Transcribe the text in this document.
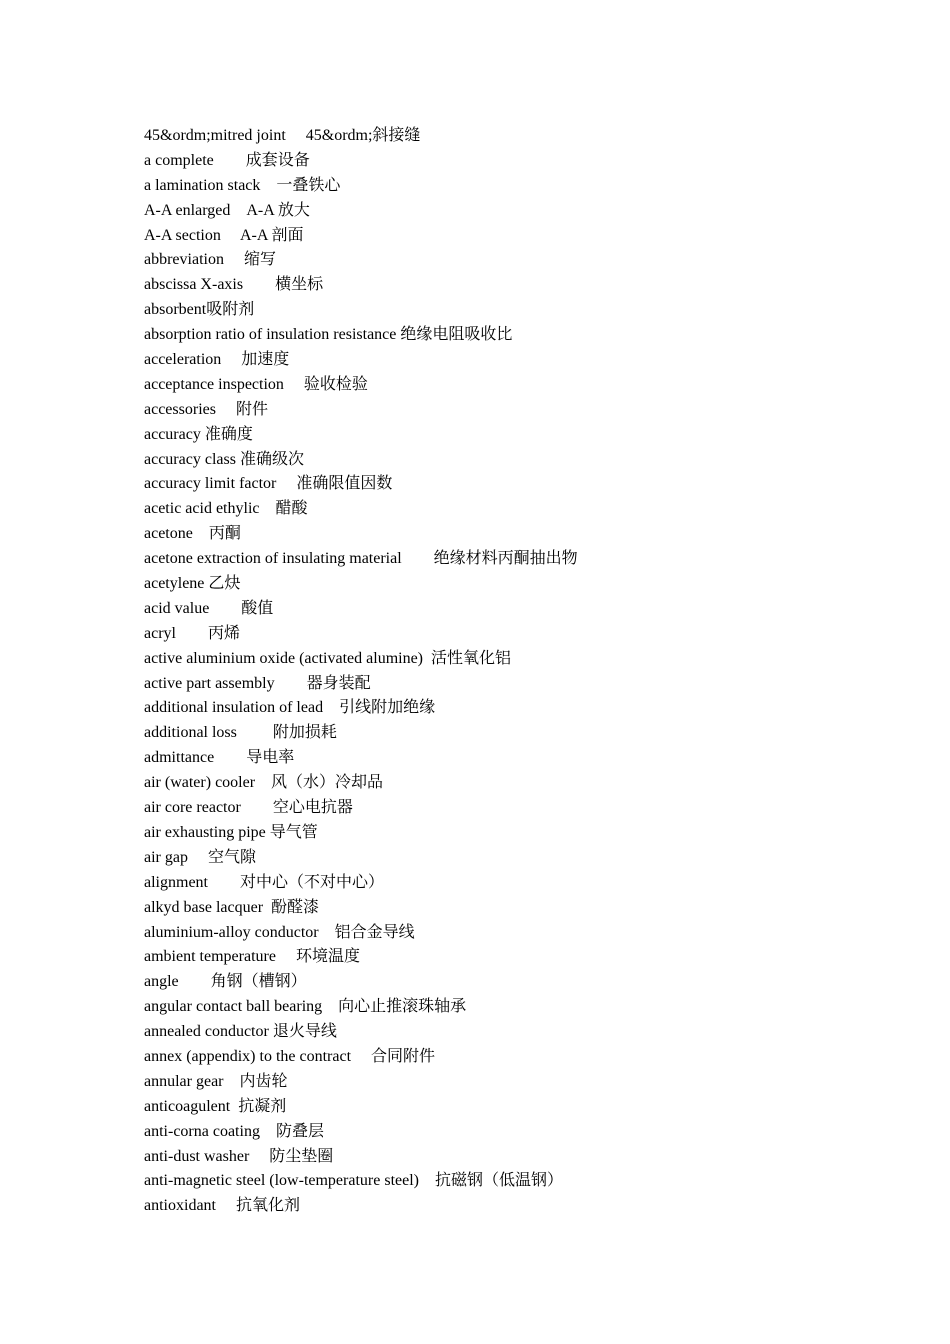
45&ordm;mitred joint　 45&ordm;斜接缝
a complete　　成套设备
a lamination stack　一叠铁心
A-A enlarged　A-A 放大
A-A section　 A-A 剖面
abbreviation　 缩写
abscissa X-axis　　横坐标
absorbent吸附剂
absorption ratio of insulation resistance 绝缘电阻吸收比
acceleration　 加速度
acceptance inspection　 验收检验
accessories　 附件
accuracy 准确度
accuracy class 准确级次
accuracy limit factor　 准确限值因数
acetic acid ethylic　醋酸
acetone　丙酮
acetone extraction of insulating material　　绝缘材料丙酮抽出物
acetylene 乙炔
acid value　　酸值
acryl　　丙烯
active aluminium oxide (activated alumine)  活性氧化铝
active part assembly　　器身装配
additional insulation of lead　引线附加绝缘
additional loss　　 附加损耗
admittance　　导电率
air (water) cooler　风（水）冷却品
air core reactor　　空心电抗器
air exhausting pipe 导气管
air gap　 空气隙
alignment　　对中心（不对中心）
alkyd base lacquer  酚醛漆
aluminium-alloy conductor　铝合金导线
ambient temperature　 环境温度
angle　　角钢（槽钢）
angular contact ball bearing　向心止推滚珠轴承
annealed conductor 退火导线
annex (appendix) to the contract　 合同附件
annular gear　内齿轮
anticoagulent  抗凝剂
anti-corna coating　防叠层
anti-dust washer　 防尘垫圈
anti-magnetic steel (low-temperature steel)　抗磁钢（低温钢）
antioxidant　 抗氧化剂
